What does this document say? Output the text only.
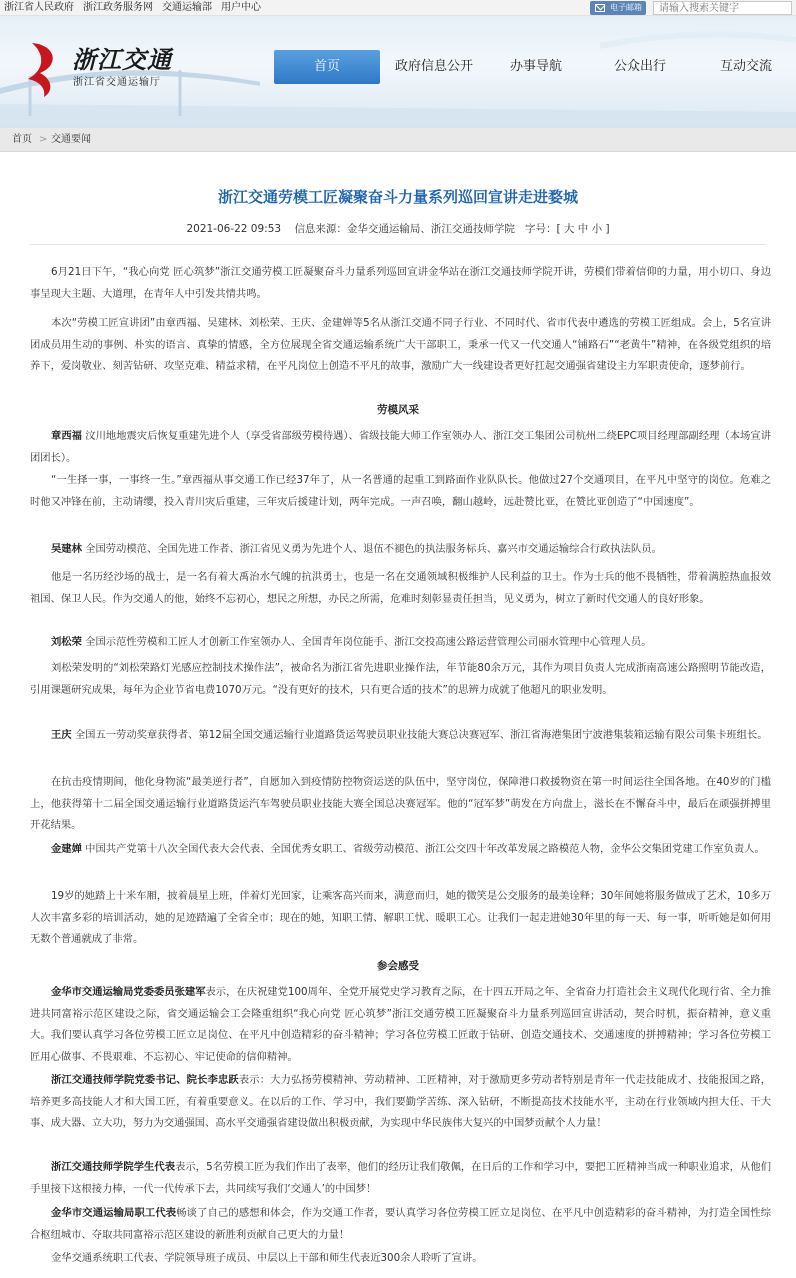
浙江省人民政府 浙江政务服务网 交通运输部 用户中心	电子邮箱
请输入搜索关键字
浙江交通
浙江省交通运输厅
首页	政府信息公开	办事导航	公众出行	互动交流
首页 > 交通要闻
浙江交通劳模工匠凝聚奋斗力量系列巡回宣讲走进婺城
2021-06-22 09:53 信息来源：金华交通运输局、浙江交通技师学院 字号：[ 大 中 小 ]
6月21日下午，“我心向党 匠心筑梦”浙江交通劳模工匠凝聚奋斗力量系列巡回宣讲金华站在浙江交通技师学院开讲，劳模们带着信仰的力量，用小切口、身边事呈现大主题、大道理，在青年人中引发共情共鸣。
本次“劳模工匠宣讲团”由章西福、吴建林、刘松荣、王庆、金建婵等5名从浙江交通不同子行业、不同时代、省市代表中遴选的劳模工匠组成。会上，5名宣讲团成员用生动的事例、朴实的语言、真挚的情感，全方位展现全省交通运输系统广大干部职工，秉承一代又一代交通人“铺路石”“老黄牛”精神，在各级党组织的培养下，爱岗敬业、刻苦钻研、攻坚克难、精益求精，在平凡岗位上创造不平凡的故事，激励广大一线建设者更好扛起交通强省建设主力军职责使命，逐梦前行。
劳模风采
章西福 汶川地地震灾后恢复重建先进个人（享受省部级劳模待遇）、省级技能大师工作室领办人、浙江交工集团公司杭州二绕EPC项目经理部副经理（本场宣讲团团长）。
“一生择一事，一事终一生。”章西福从事交通工作已经37年了，从一名普通的起重工到路面作业队队长。他做过27个交通项目，在平凡中坚守的岗位。危难之时他又冲锋在前，主动请缨，投入青川灾后重建，三年灾后援建计划，两年完成。一声召唤，翻山越岭，远赴赞比亚，在赞比亚创造了“中国速度”。
吴建林 全国劳动模范、全国先进工作者、浙江省见义勇为先进个人、退伍不褪色的执法服务标兵、嘉兴市交通运输综合行政执法队员。
他是一名历经沙场的战士，是一名有着大禹治水气魄的抗洪勇士，也是一名在交通领域积极维护人民利益的卫士。作为士兵的他不畏牺牲，带着满腔热血报效祖国、保卫人民。作为交通人的他，始终不忘初心，想民之所想，办民之所需，危难时刻彰显责任担当，见义勇为，树立了新时代交通人的良好形象。
刘松荣 全国示范性劳模和工匠人才创新工作室领办人、全国青年岗位能手、浙江交投高速公路运营管理公司丽水管理中心管理人员。
刘松荣发明的“刘松荣路灯光感应控制技术操作法”，被命名为浙江省先进职业操作法，年节能80余万元，其作为项目负责人完成浙南高速公路照明节能改造，引用课题研究成果，每年为企业节省电费1070万元。“没有更好的技术，只有更合适的技术”的思辨力成就了他超凡的职业发明。
王庆 全国五一劳动奖章获得者、第12届全国交通运输行业道路货运驾驶员职业技能大赛总决赛冠军、浙江省海港集团宁波港集装箱运输有限公司集卡班组长。
在抗击疫情期间，他化身物流“最美逆行者”，自愿加入到疫情防控物资运送的队伍中，坚守岗位，保障港口救援物资在第一时间运往全国各地。在40岁的门槛上，他获得第十二届全国交通运输行业道路货运汽车驾驶员职业技能大赛全国总决赛冠军。他的“冠军梦”萌发在方向盘上，滋长在不懈奋斗中，最后在顽强拼搏里开花结果。
金建婵 中国共产党第十八次全国代表大会代表、全国优秀女职工、省级劳动模范、浙江公交四十年改革发展之路模范人物，金华公交集团党建工作室负责人。
19岁的她踏上十米车厢，披着晨星上班，伴着灯光回家，让乘客高兴而来，满意而归，她的微笑是公交服务的最美诠释；30年间她将服务做成了艺术，10多万人次丰富多彩的培训活动，她的足迹踏遍了全省全市；现在的她，知职工情、解职工忧、暖职工心。让我们一起走进她30年里的每一天、每一事，听听她是如何用无数个普通就成了非常。
参会感受
金华市交通运输局党委委员张建军表示，在庆祝建党100周年、全党开展党史学习教育之际，在十四五开局之年、全省奋力打造社会主义现代化现行省、全力推进共同富裕示范区建设之际，省交通运输会工会隆重组织“我心向党 匠心筑梦”浙江交通劳模工匠凝聚奋斗力量系列巡回宣讲活动，契合时机，振奋精神，意义重大。我们要认真学习各位劳模工匠立足岗位、在平凡中创造精彩的奋斗精神；学习各位劳模工匠敢于钻研、创造交通技术、交通速度的拼搏精神；学习各位劳模工匠用心做事、不畏艰难、不忘初心、牢记使命的信仰精神。
浙江交通技师学院党委书记、院长李忠跃表示：大力弘扬劳模精神、劳动精神、工匠精神，对于激励更多劳动者特别是青年一代走技能成才、技能报国之路，培养更多高技能人才和大国工匠，有着重要意义。在以后的工作、学习中，我们要勤学苦练、深入钻研，不断提高技术技能水平，主动在行业领域内担大任、干大事、成大器、立大功，努力为交通强国、高水平交通强省建设做出积极贡献，为实现中华民族伟大复兴的中国梦贡献个人力量！
浙江交通技师学院学生代表表示，5名劳模工匠为我们作出了表率，他们的经历让我们敬佩，在日后的工作和学习中，要把工匠精神当成一种职业追求，从他们手里接下这根接力棒，一代一代传承下去，共同续写我们‘交通人’的中国梦！
金华市交通运输局职工代表畅谈了自己的感想和体会，作为交通工作者，要认真学习各位劳模工匠立足岗位、在平凡中创造精彩的奋斗精神，为打造全国性综合枢纽城市、夺取共同富裕示范区建设的新胜利贡献自己更大的力量！
金华交通系统职工代表、学院领导班子成员、中层以上干部和师生代表近300余人聆听了宣讲。
